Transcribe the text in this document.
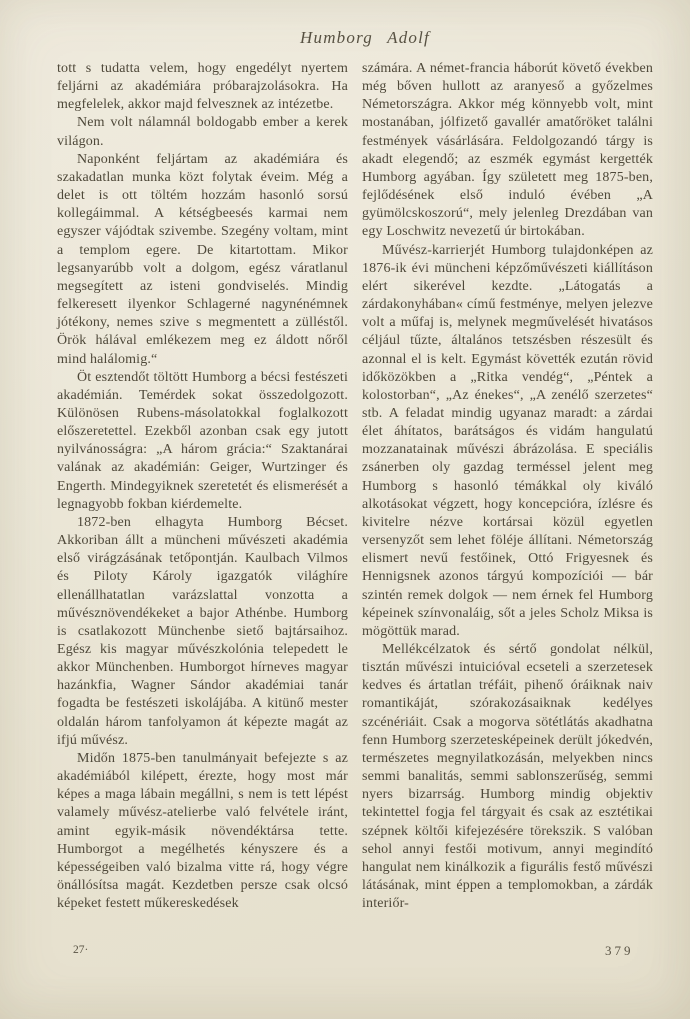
Humborg Adolf

tott s tudatta velem, hogy engedélyt nyertem feljárni az akadémiára próbarajzolásokra. Ha megfelelek, akkor majd felvesznek az intézetbe.

Nem volt nálamnál boldogabb ember a kerek világon.

Naponként feljártam az akadémiára és szakadatlan munka közt folytak éveim. Még a delet is ott töltém hozzám hasonló sorsú kollegáimmal. A kétségbeesés karmai nem egyszer vájódtak szivembe. Szegény voltam, mint a templom egere. De kitartottam. Mikor legsanyarúbb volt a dolgom, egész váratlanul megsegített az isteni gondviselés. Mindig felkeresett ilyenkor Schlagerné nagynénémnek jótékony, nemes szive s megmentett a zülléstől. Örök hálával emlékezem meg ez áldott nőről mind halálomig.“

Öt esztendőt töltött Humborg a bécsi festészeti akadémián. Temérdek sokat összedolgozott. Különösen Rubens-másolatokkal foglalkozott előszeretettel. Ezekből azonban csak egy jutott nyilvánosságra: „A három grácia:“ Szaktanárai valának az akadémián: Geiger, Wurtzinger és Engerth. Mindegyiknek szeretetét és elismerését a legnagyobb fokban kiérdemelte.

1872-ben elhagyta Humborg Bécset. Akkoriban állt a müncheni művészeti akadémia első virágzásának tetőpontján. Kaulbach Vilmos és Piloty Károly igazgatók világhíre ellenállhatatlan varázslattal vonzotta a művésznövendékeket a bajor Athénbe. Humborg is csatlakozott Münchenbe siető bajtársaihoz. Egész kis magyar művészkolónia telepedett le akkor Münchenben. Humborgot hírneves magyar hazánkfia, Wagner Sándor akadémiai tanár fogadta be festészeti iskolájába. A kitünő mester oldalán három tanfolyamon át képezte magát az ifjú művész.

Midőn 1875-ben tanulmányait befejezte s az akadémiából kilépett, érezte, hogy most már képes a maga lábain megállni, s nem is tett lépést valamely művész-atelierbe való felvétele iránt, amint egyik-másik növendéktársa tette. Humborgot a megélhetés kényszere és a képességeiben való bizalma vitte rá, hogy végre önállósítsa magát. Kezdetben persze csak olcsó képeket festett műkereskedések

számára. A német-francia háborút követő években még bőven hullott az aranyeső a győzelmes Németországra. Akkor még könnyebb volt, mint mostanában, jólfizető gavallér amatőröket találni festmények vásárlására. Feldolgozandó tárgy is akadt elegendő; az eszmék egymást kergették Humborg agyában. Így született meg 1875-ben, fejlődésének első induló évében „A gyümölcskoszorú“, mely jelenleg Drezdában van egy Loschwitz nevezetű úr birtokában.

Művész-karrierjét Humborg tulajdonképen az 1876-ik évi müncheni képzőművészeti kiállításon elért sikerével kezdte. „Látogatás a zárdakonyhában« című festménye, melyen jelezve volt a műfaj is, melynek megművelését hivatásos céljául tűzte, általános tetszésben részesült és azonnal el is kelt. Egymást követték ezután rövid időközökben a „Ritka vendég“, „Péntek a kolostorban“, „Az énekes“, „A zenélő szerzetes“ stb. A feladat mindig ugyanaz maradt: a zárdai élet áhítatos, barátságos és vidám hangulatú mozzanatainak művészi ábrázolása. E speciális zsánerben oly gazdag terméssel jelent meg Humborg s hasonló témákkal oly kiváló alkotásokat végzett, hogy koncepcióra, ízlésre és kivitelre nézve kortársai közül egyetlen versenyzőt sem lehet föléje állítani. Németország elismert nevű festőinek, Ottó Frigyesnek és Hennigsnek azonos tárgyú kompozíciói — bár szintén remek dolgok — nem érnek fel Humborg képeinek színvonaláig, sőt a jeles Scholz Miksa is mögöttük marad.

Mellékcélzatok és sértő gondolat nélkül, tisztán művészi intuicióval ecseteli a szerzetesek kedves és ártatlan tréfáit, pihenő óráiknak naiv romantikáját, szórakozásaiknak kedélyes szcénériáit. Csak a mogorva sötétlátás akadhatna fenn Humborg szerzetesképeinek derült jókedvén, természetes megnyilatkozásán, melyekben nincs semmi banalitás, semmi sablonszerűség, semmi nyers bizarrság. Humborg mindig objektiv tekintettel fogja fel tárgyait és csak az esztétikai szépnek költői kifejezésére törekszik. S valóban sehol annyi festői motivum, annyi megindító hangulat nem kinálkozik a figurális festő művészi látásának, mint éppen a templomokban, a zárdák interiőr-

27·	379
